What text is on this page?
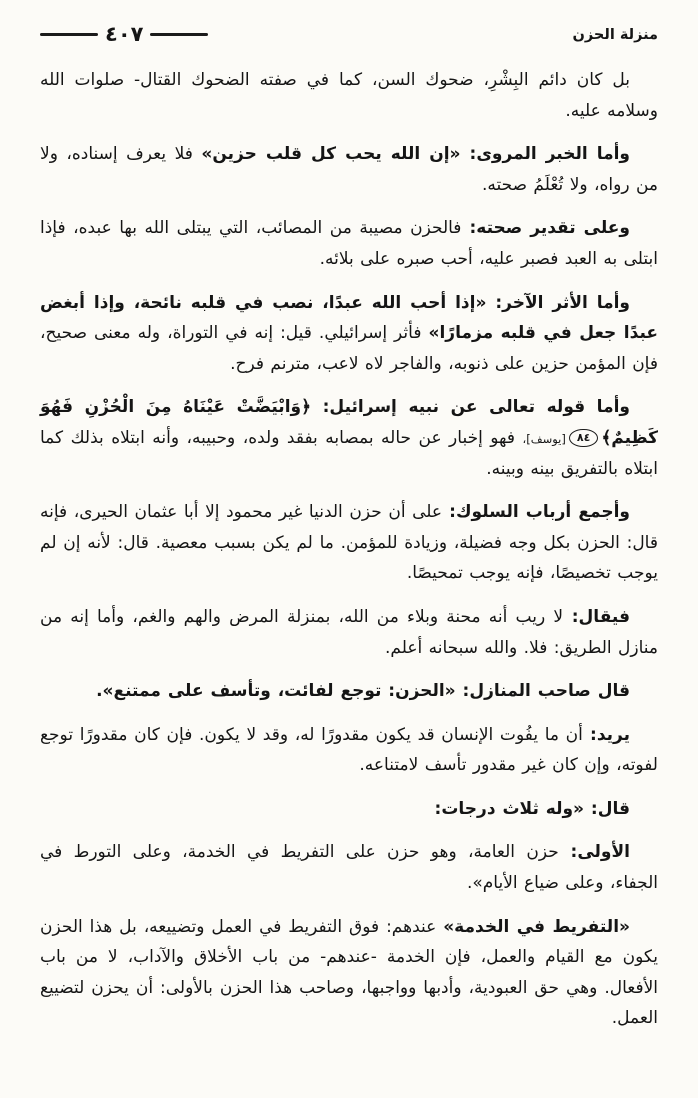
منزلة الحزن
٤٠٧

بل كان دائم البِشْرِ، ضحوك السن، كما في صفته الضحوك القتال- صلوات الله وسلامه عليه.

وأما الخبر المروى: «إن الله يحب كل قلب حزين» فلا يعرف إسناده، ولا من رواه، ولا تُعْلَمُ صحته.

وعلى تقدير صحته: فالحزن مصيبة من المصائب، التي يبتلى الله بها عبده، فإذا ابتلى به العبد فصبر عليه، أحب صبره على بلائه.

وأما الأثر الآخر: «إذا أحب الله عبدًا، نصب في قلبه نائحة، وإذا أبغض عبدًا جعل في قلبه مزمارًا» فأثر إسرائيلي. قيل: إنه في التوراة، وله معنى صحيح، فإن المؤمن حزين على ذنوبه، والفاجر لاه لاعب، مترنم فرح.

وأما قوله تعالى عن نبيه إسرائيل: ﴿وَابْيَضَّتْ عَيْنَاهُ مِنَ الْحُزْنِ فَهُوَ كَظِيمٌ﴾٨٤[يوسف]، فهو إخبار عن حاله بمصابه بفقد ولده، وحبيبه، وأنه ابتلاه بذلك كما ابتلاه بالتفريق بينه وبينه.

وأجمع أرباب السلوك: على أن حزن الدنيا غير محمود إلا أبا عثمان الحيرى، فإنه قال: الحزن بكل وجه فضيلة، وزيادة للمؤمن. ما لم يكن بسبب معصية. قال: لأنه إن لم يوجب تخصيصًا، فإنه يوجب تمحيصًا.

فيقال: لا ريب أنه محنة وبلاء من الله، بمنزلة المرض والهم والغم، وأما إنه من منازل الطريق: فلا. والله سبحانه أعلم.

قال صاحب المنازل: «الحزن: توجع لفائت، وتأسف على ممتنع».

يريد: أن ما يفُوت الإنسان قد يكون مقدورًا له، وقد لا يكون. فإن كان مقدورًا توجع لفوته، وإن كان غير مقدور تأسف لامتناعه.

قال: «وله ثلاث درجات:

الأولى: حزن العامة، وهو حزن على التفريط في الخدمة، وعلى التورط في الجفاء، وعلى ضياع الأيام».

«التفريط في الخدمة» عندهم: فوق التفريط في العمل وتضييعه، بل هذا الحزن يكون مع القيام والعمل، فإن الخدمة -عندهم- من باب الأخلاق والآداب، لا من باب الأفعال. وهي حق العبودية، وأدبها وواجبها، وصاحب هذا الحزن بالأولى: أن يحزن لتضييع العمل.
